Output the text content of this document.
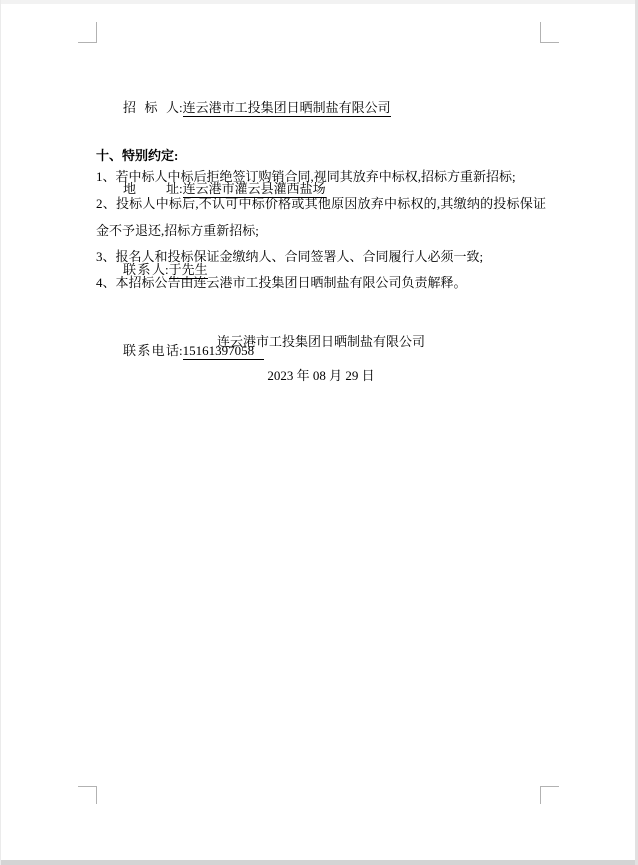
招标人:连云港市工投集团日晒制盐有限公司

地址:连云港市灌云县灌西盐场

联系人:于先生

联系电话:15161397058

十、特别约定:

1、若中标人中标后拒绝签订购销合同,视同其放弃中标权,招标方重新招标;

2、投标人中标后,不认可中标价格或其他原因放弃中标权的,其缴纳的投标保证金不予退还,招标方重新招标;

3、报名人和投标保证金缴纳人、合同签署人、合同履行人必须一致;

4、本招标公告由连云港市工投集团日晒制盐有限公司负责解释。

连云港市工投集团日晒制盐有限公司
2023 年 08 月 29 日
